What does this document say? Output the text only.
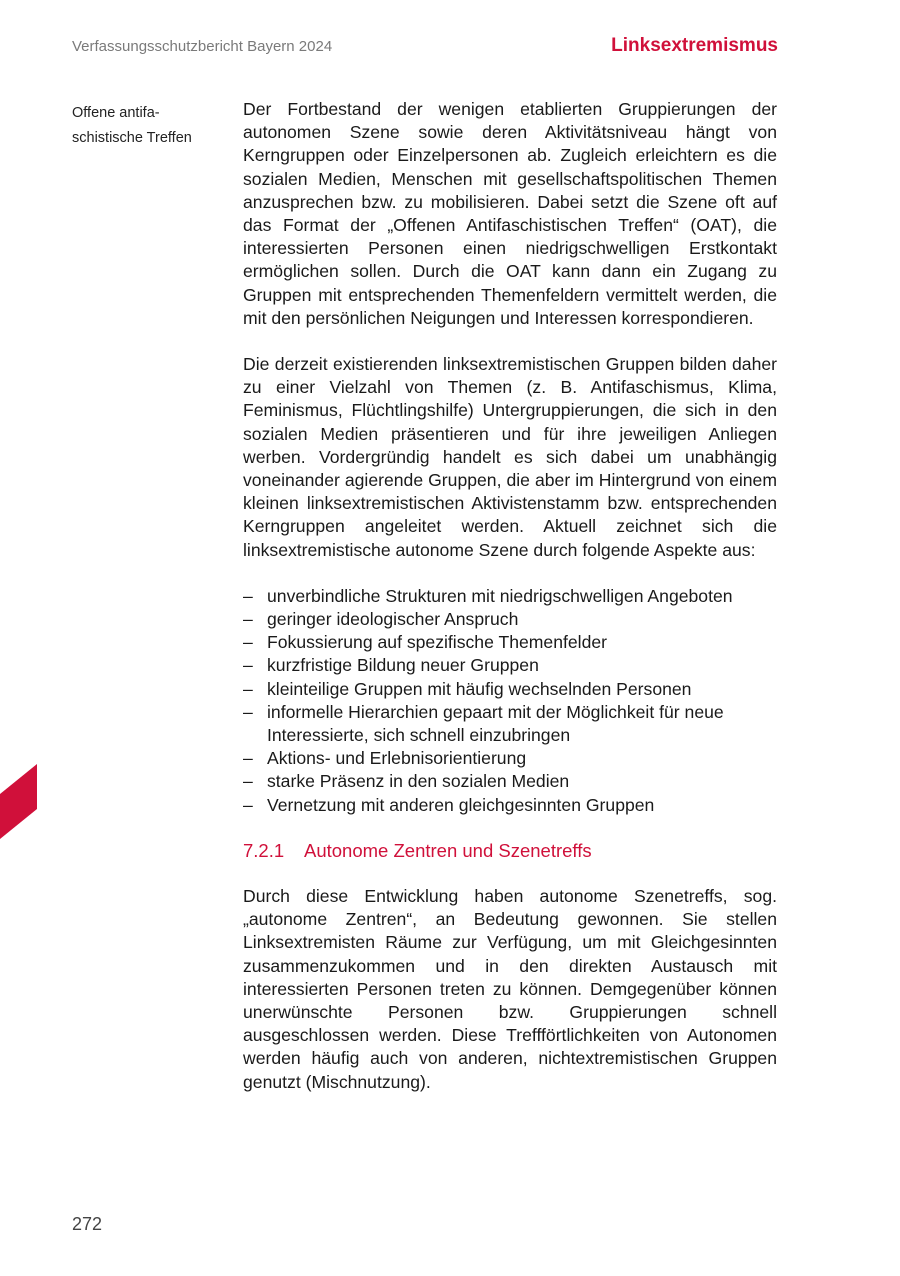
Verfassungsschutzbericht Bayern 2024	Linksextremismus
Offene antifa-
schistische Treffen

Der Fortbestand der wenigen etablierten Gruppierungen der autonomen Szene sowie deren Aktivitätsniveau hängt von Kerngruppen oder Einzelpersonen ab. Zugleich erleichtern es die sozialen Medien, Menschen mit gesellschaftspolitischen Themen anzusprechen bzw. zu mobilisieren. Dabei setzt die Szene oft auf das Format der „Offenen Antifaschistischen Treffen“ (OAT), die interessierten Personen einen niedrigschwelligen Erstkontakt ermöglichen sollen. Durch die OAT kann dann ein Zugang zu Gruppen mit entsprechenden Themenfeldern vermittelt werden, die mit den persönlichen Neigungen und Interessen korrespondieren.

Die derzeit existierenden linksextremistischen Gruppen bilden daher zu einer Vielzahl von Themen (z. B. Antifaschismus, Klima, Feminismus, Flüchtlingshilfe) Untergruppierungen, die sich in den sozialen Medien präsentieren und für ihre jeweiligen Anliegen werben. Vordergründig handelt es sich dabei um unabhängig voneinander agierende Gruppen, die aber im Hintergrund von einem kleinen linksextremistischen Aktivistenstamm bzw. entsprechenden Kerngruppen angeleitet werden. Aktuell zeichnet sich die linksextremistische autonome Szene durch folgende Aspekte aus:

– unverbindliche Strukturen mit niedrigschwelligen Angeboten
– geringer ideologischer Anspruch
– Fokussierung auf spezifische Themenfelder
– kurzfristige Bildung neuer Gruppen
– kleinteilige Gruppen mit häufig wechselnden Personen
– informelle Hierarchien gepaart mit der Möglichkeit für neue Interessierte, sich schnell einzubringen
– Aktions- und Erlebnisorientierung
– starke Präsenz in den sozialen Medien
– Vernetzung mit anderen gleichgesinnten Gruppen
7.2.1 Autonome Zentren und Szenetreffs

Durch diese Entwicklung haben autonome Szenetreffs, sog. „autonome Zentren“, an Bedeutung gewonnen. Sie stellen Linksextremisten Räume zur Verfügung, um mit Gleichgesinnten zusammenzukommen und in den direkten Austausch mit interessierten Personen treten zu können. Demgegenüber können unerwünschte Personen bzw. Gruppierungen schnell ausgeschlossen werden. Diese Treffförtlichkeiten von Autonomen werden häufig auch von anderen, nichtextremistischen Gruppen genutzt (Mischnutzung).

272
